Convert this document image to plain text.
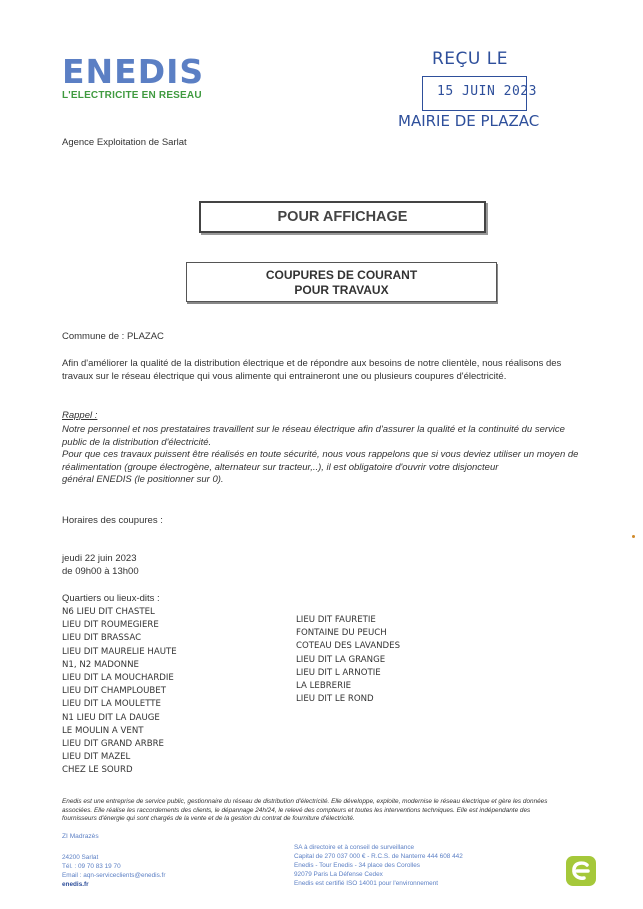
ENEDIS
L'ELECTRICITE EN RESEAU
REÇU LE
15 JUIN 2023
MAIRIE DE PLAZAC
Agence Exploitation de Sarlat
POUR AFFICHAGE
COUPURES DE COURANT
POUR TRAVAUX
Commune de : PLAZAC
Afin d'améliorer la qualité de la distribution électrique et de répondre aux besoins de notre clientèle, nous réalisons des
travaux sur le réseau électrique qui vous alimente qui entraineront une ou plusieurs coupures d'électricité.
Rappel :
Notre personnel et nos prestataires travaillent sur le réseau électrique afin d'assurer la qualité et la continuité du service
public de la distribution d'électricité.
Pour que ces travaux puissent être réalisés en toute sécurité, nous vous rappelons que si vous deviez utiliser un moyen de
réalimentation (groupe électrogène, alternateur sur tracteur,..), il est obligatoire d'ouvrir votre disjoncteur
général ENEDIS (le positionner sur 0).
Horaires des coupures :
jeudi 22 juin 2023
de 09h00 à 13h00
Quartiers ou lieux-dits :
N6 LIEU DIT CHASTEL
LIEU DIT ROUMEGIERE
LIEU DIT BRASSAC
LIEU DIT MAURELIE HAUTE
N1, N2 MADONNE
LIEU DIT LA MOUCHARDIE
LIEU DIT CHAMPLOUBET
LIEU DIT LA MOULETTE
N1 LIEU DIT LA DAUGE
LE MOULIN A VENT
LIEU DIT GRAND ARBRE
LIEU DIT MAZEL
CHEZ LE SOURD
LIEU DIT FAURETIE
FONTAINE DU PEUCH
COTEAU DES LAVANDES
LIEU DIT LA GRANGE
LIEU DIT L ARNOTIE
LA LEBRERIE
LIEU DIT LE ROND
Enedis est une entreprise de service public, gestionnaire du réseau de distribution d'électricité. Elle développe, exploite, modernise le réseau électrique et gère les données
associées. Elle réalise les raccordements des clients, le dépannage 24h/24, le relevé des compteurs et toutes les interventions techniques. Elle est indépendante des
fournisseurs d'énergie qui sont chargés de la vente et de la gestion du contrat de fourniture d'électricité.
ZI Madrazès
24200 Sarlat
Tél. : 09 70 83 19 70
Email : aqn-serviceclients@enedis.fr
enedis.fr
SA à directoire et à conseil de surveillance
Capital de 270 037 000 € - R.C.S. de Nanterre 444 608 442
Enedis - Tour Enedis - 34 place des Corolles
92079 Paris La Défense Cedex
Enedis est certifié ISO 14001 pour l'environnement
